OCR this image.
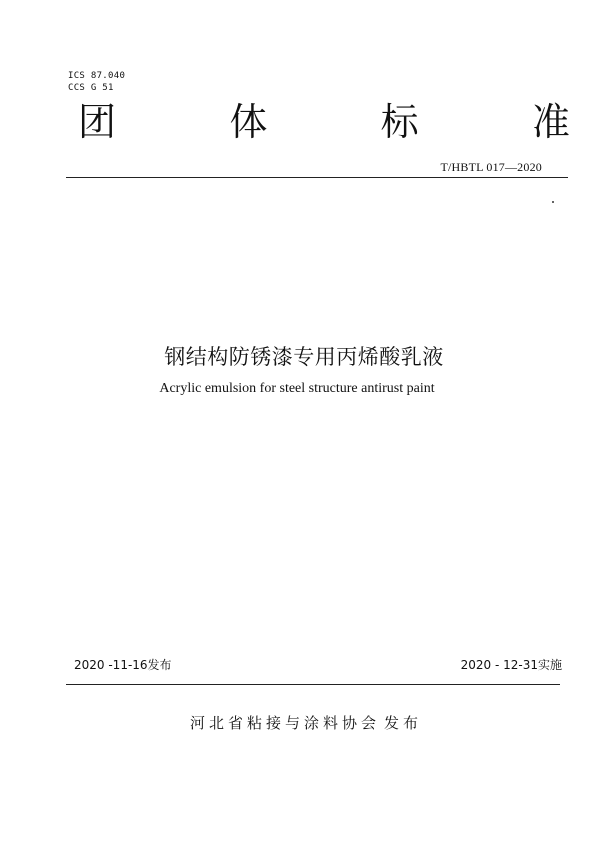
ICS 87.040
CCS G 51
团	体	标	准
T/HBTL 017—2020
钢结构防锈漆专用丙烯酸乳液
Acrylic emulsion for steel structure antirust paint
2020 -11-16发布	2020 - 12-31实施
河北省粘接与涂料协会 发布
